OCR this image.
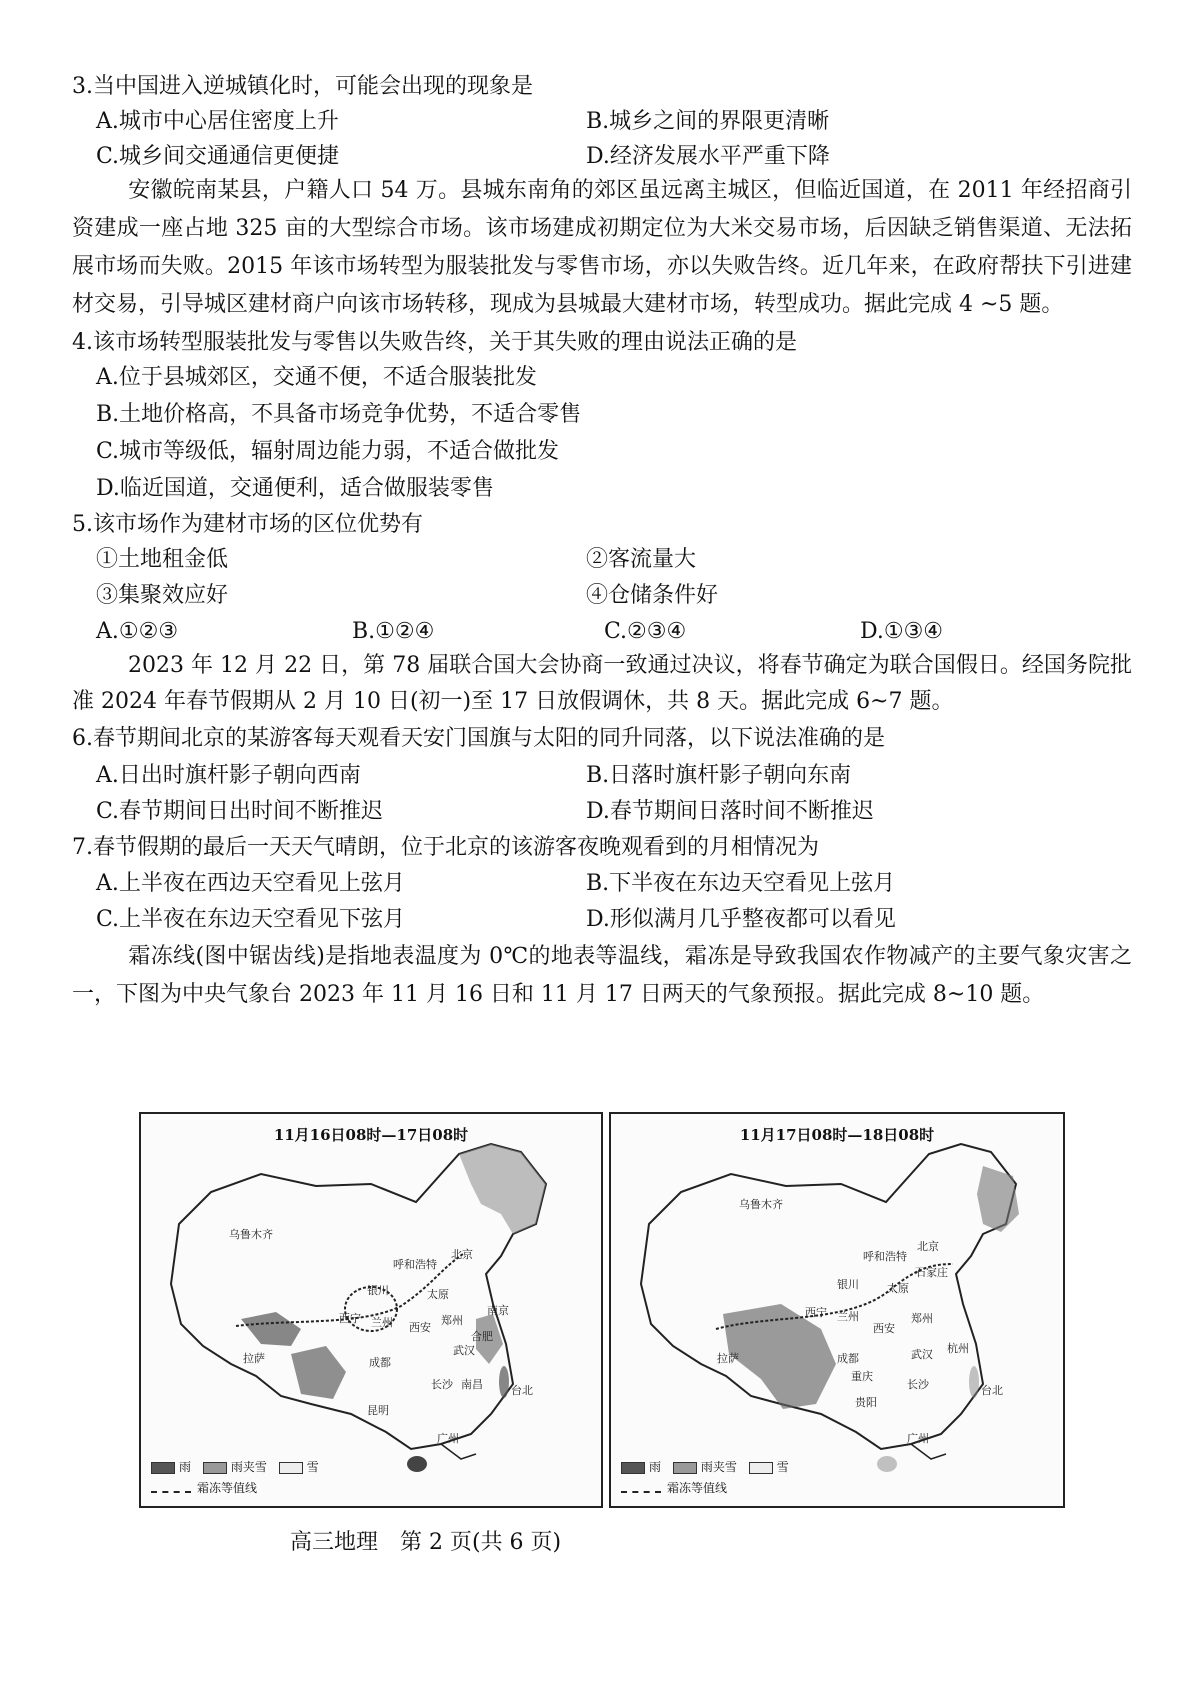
3.当中国进入逆城镇化时，可能会出现的现象是
A.城市中心居住密度上升	B.城乡之间的界限更清晰
C.城乡间交通通信更便捷	D.经济发展水平严重下降
安徽皖南某县，户籍人口 54 万。县城东南角的郊区虽远离主城区，但临近国道，在 2011 年经招商引资建成一座占地 325 亩的大型综合市场。该市场建成初期定位为大米交易市场，后因缺乏销售渠道、无法拓展市场而失败。2015 年该市场转型为服装批发与零售市场，亦以失败告终。近几年来，在政府帮扶下引进建材交易，引导城区建材商户向该市场转移，现成为县城最大建材市场，转型成功。据此完成 4 ~5 题。
4.该市场转型服装批发与零售以失败告终，关于其失败的理由说法正确的是
A.位于县城郊区，交通不便，不适合服装批发
B.土地价格高，不具备市场竞争优势，不适合零售
C.城市等级低，辐射周边能力弱，不适合做批发
D.临近国道，交通便利，适合做服装零售
5.该市场作为建材市场的区位优势有
①土地租金低	②客流量大
③集聚效应好	④仓储条件好
A.①②③	B.①②④	C.②③④	D.①③④
2023 年 12 月 22 日，第 78 届联合国大会协商一致通过决议，将春节确定为联合国假日。经国务院批准 2024 年春节假期从 2 月 10 日(初一)至 17 日放假调休，共 8 天。据此完成 6~7 题。
6.春节期间北京的某游客每天观看天安门国旗与太阳的同升同落，以下说法准确的是
A.日出时旗杆影子朝向西南	B.日落时旗杆影子朝向东南
C.春节期间日出时间不断推迟	D.春节期间日落时间不断推迟
7.春节假期的最后一天天气晴朗，位于北京的该游客夜晚观看到的月相情况为
A.上半夜在西边天空看见上弦月	B.下半夜在东边天空看见上弦月
C.上半夜在东边天空看见下弦月	D.形似满月几乎整夜都可以看见
霜冻线(图中锯齿线)是指地表温度为 0℃的地表等温线，霜冻是导致我国农作物减产的主要气象灾害之一，下图为中央气象台 2023 年 11 月 16 日和 11 月 17 日两天的气象预报。据此完成 8~10 题。
11月16日08时—17日08时
乌鲁木齐
呼和浩特
北京
银川	太原
西宁 兰州 西安
郑州
拉萨
武汉
合肥
南京
成都
长沙 南昌	台北
昆明
广州
雨	雨夹雪	雪
霜冻等值线
11月17日08时—18日08时
乌鲁木齐
呼和浩特
北京
银川	太原
石家庄
西宁 兰州
西安
郑州
拉萨	成都
重庆
武汉 杭州
长沙
贵阳
台北
广州
雨	雨夹雪	雪
霜冻等值线
高三地理　第 2 页(共 6 页)
